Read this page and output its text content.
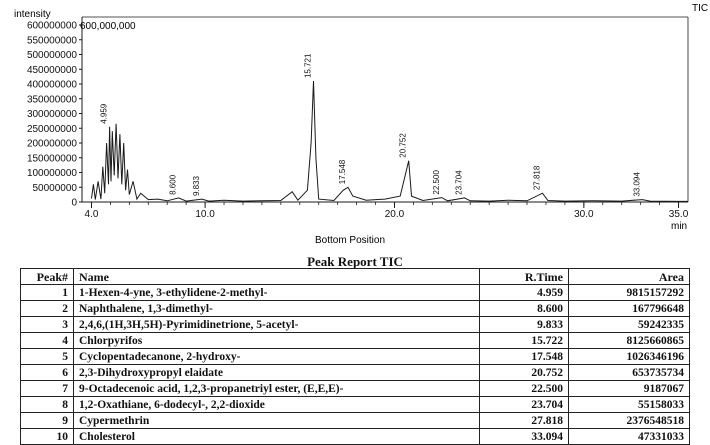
0
50000000
100000000
150000000
200000000
250000000
300000000
350000000
400000000
450000000
500000000
550000000
600000000
4.0	10.0	20.0	30.0	35.0
8.600 9.833
4.959
15.721
17.548
20.752
22.500 23.704	27.818	33.094
intensity
600,000,000
TIC
Bottom Position
min
Peak Report TIC
Peak#	Name	R.Time	Area
1	1-Hexen-4-yne, 3-ethylidene-2-methyl-	4.959	9815157292
2	Naphthalene, 1,3-dimethyl-	8.600	167796648
3	2,4,6,(1H,3H,5H)-Pyrimidinetrione, 5-acetyl-	9.833	59242335
4	Chlorpyrifos	15.722	8125660865
5	Cyclopentadecanone, 2-hydroxy-	17.548	1026346196
6	2,3-Dihydroxypropyl elaidate	20.752	653735734
7	9-Octadecenoic acid, 1,2,3-propanetriyl ester, (E,E,E)-	22.500	9187067
8	1,2-Oxathiane, 6-dodecyl-, 2,2-dioxide	23.704	55158033
9	Cypermethrin	27.818	2376548518
10	Cholesterol	33.094	47331033
